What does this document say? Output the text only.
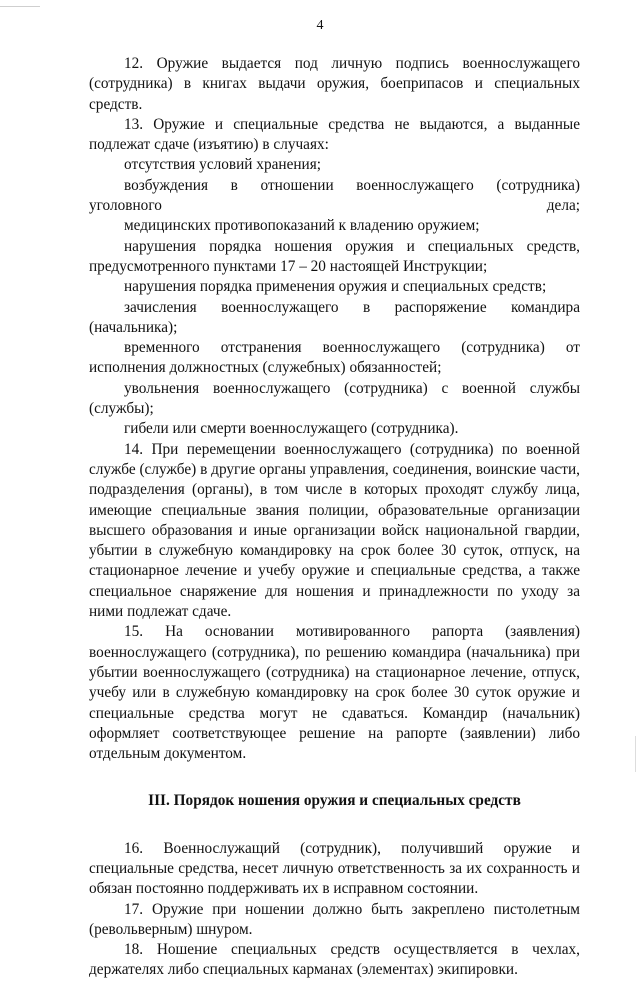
4

12. Оружие выдается под личную подпись военнослужащего (сотрудника) в книгах выдачи оружия, боеприпасов и специальных средств.

13. Оружие и специальные средства не выдаются, а выданные подлежат сдаче (изъятию) в случаях:

отсутствия условий хранения;

возбуждения в отношении военнослужащего (сотрудника) уголовного дела;

медицинских противопоказаний к владению оружием;

нарушения порядка ношения оружия и специальных средств, предусмотренного пунктами 17 – 20 настоящей Инструкции;

нарушения порядка применения оружия и специальных средств;

зачисления военнослужащего в распоряжение командира (начальника);

временного отстранения военнослужащего (сотрудника) от исполнения должностных (служебных) обязанностей;

увольнения военнослужащего (сотрудника) с военной службы (службы);

гибели или смерти военнослужащего (сотрудника).

14. При перемещении военнослужащего (сотрудника) по военной службе (службе) в другие органы управления, соединения, воинские части, подразделения (органы), в том числе в которых проходят службу лица, имеющие специальные звания полиции, образовательные организации высшего образования и иные организации войск национальной гвардии, убытии в служебную командировку на срок более 30 суток, отпуск, на стационарное лечение и учебу оружие и специальные средства, а также специальное снаряжение для ношения и принадлежности по уходу за ними подлежат сдаче.

15. На основании мотивированного рапорта (заявления) военнослужащего (сотрудника), по решению командира (начальника) при убытии военнослужащего (сотрудника) на стационарное лечение, отпуск, учебу или в служебную командировку на срок более 30 суток оружие и специальные средства могут не сдаваться. Командир (начальник) оформляет соответствующее решение на рапорте (заявлении) либо отдельным документом.

III. Порядок ношения оружия и специальных средств

16. Военнослужащий (сотрудник), получивший оружие и специальные средства, несет личную ответственность за их сохранность и обязан постоянно поддерживать их в исправном состоянии.

17. Оружие при ношении должно быть закреплено пистолетным (револьверным) шнуром.

18. Ношение специальных средств осуществляется в чехлах, держателях либо специальных карманах (элементах) экипировки.
